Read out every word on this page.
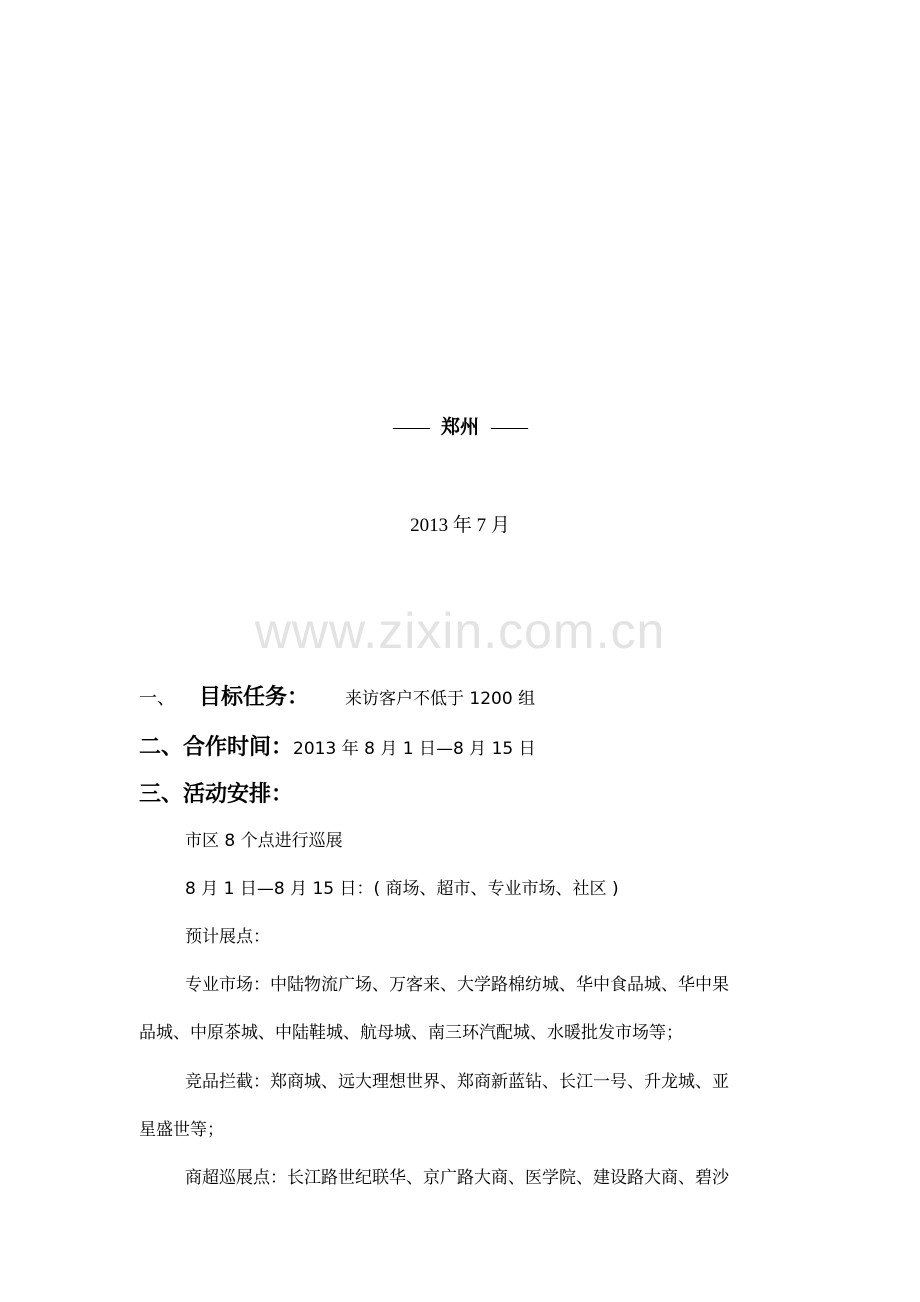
—— 郑州 ——
2013 年 7 月
www.zixin.com.cn
一、 目标任务： 来访客户不低于 1200 组
二、合作时间：2013 年 8 月 1 日—8 月 15 日
三、活动安排：
市区 8 个点进行巡展
8 月 1 日—8 月 15 日：( 商场、超市、专业市场、社区 )
预计展点：
专业市场：中陆物流广场、万客来、大学路棉纺城、华中食品城、华中果
品城、中原茶城、中陆鞋城、航母城、南三环汽配城、水暖批发市场等；
竞品拦截：郑商城、远大理想世界、郑商新蓝钻、长江一号、升龙城、亚
星盛世等；
商超巡展点：长江路世纪联华、京广路大商、医学院、建设路大商、碧沙
